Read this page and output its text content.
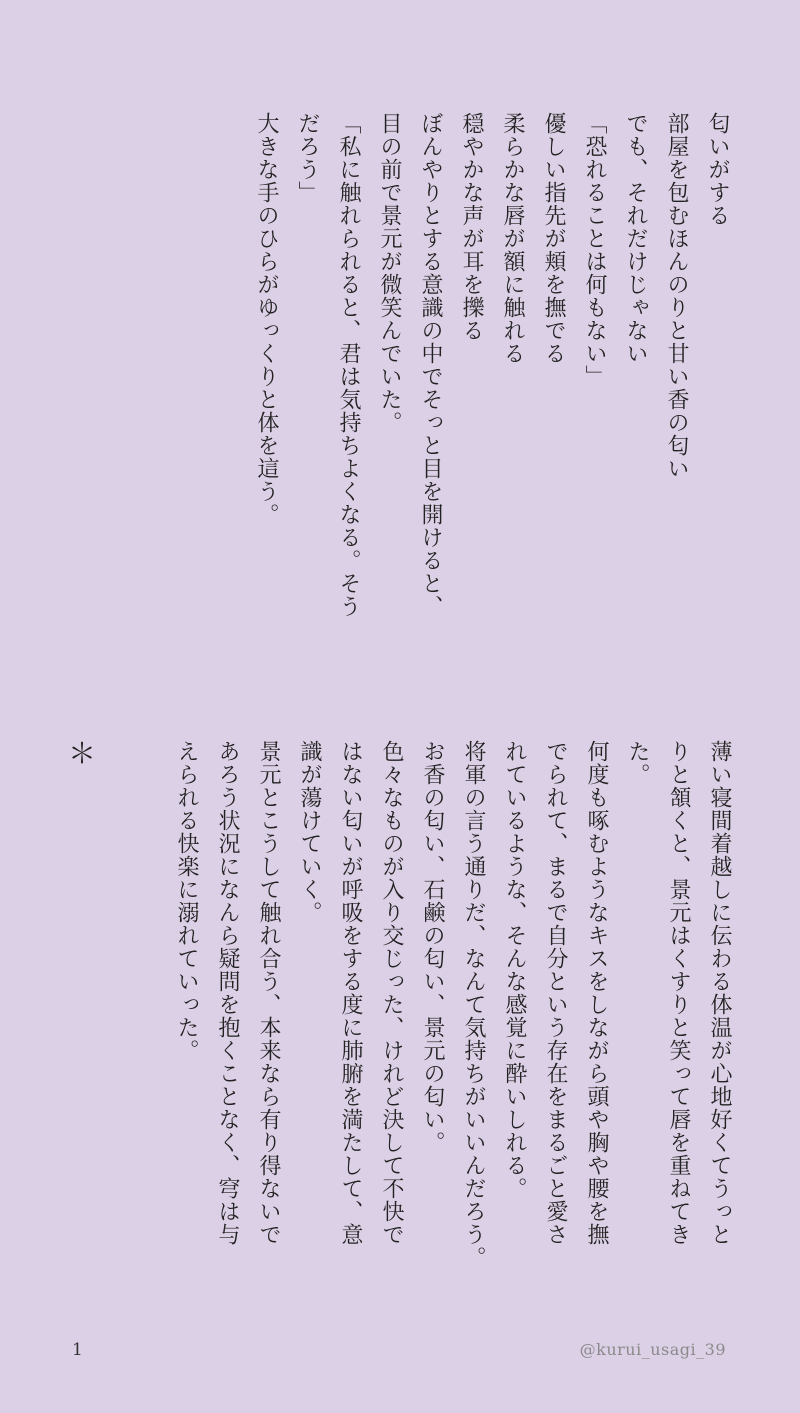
匂いがする
部屋を包むほんのりと甘い香の匂い
でも、それだけじゃない
「恐れることは何もない」
優しい指先が頬を撫でる
柔らかな唇が額に触れる
穏やかな声が耳を擽る
ぼんやりとする意識の中でそっと目を開けると、
目の前で景元が微笑んでいた。
「私に触れられると、君は気持ちよくなる。そう
だろう」
大きな手のひらがゆっくりと体を這う。
薄い寝間着越しに伝わる体温が心地好くてうっと
りと頷くと、景元はくすりと笑って唇を重ねてき
た。
何度も啄むようなキスをしながら頭や胸や腰を撫
でられて、まるで自分という存在をまるごと愛さ
れているような、そんな感覚に酔いしれる。
将軍の言う通りだ、なんて気持ちがいいんだろう。
お香の匂い、石鹸の匂い、景元の匂い。
色々なものが入り交じった、けれど決して不快で
はない匂いが呼吸をする度に肺腑を満たして、意
識が蕩けていく。
景元とこうして触れ合う、本来なら有り得ないで
あろう状況になんら疑問を抱くことなく、穹は与
えられる快楽に溺れていった。
＊
1	@kurui_usagi_39
